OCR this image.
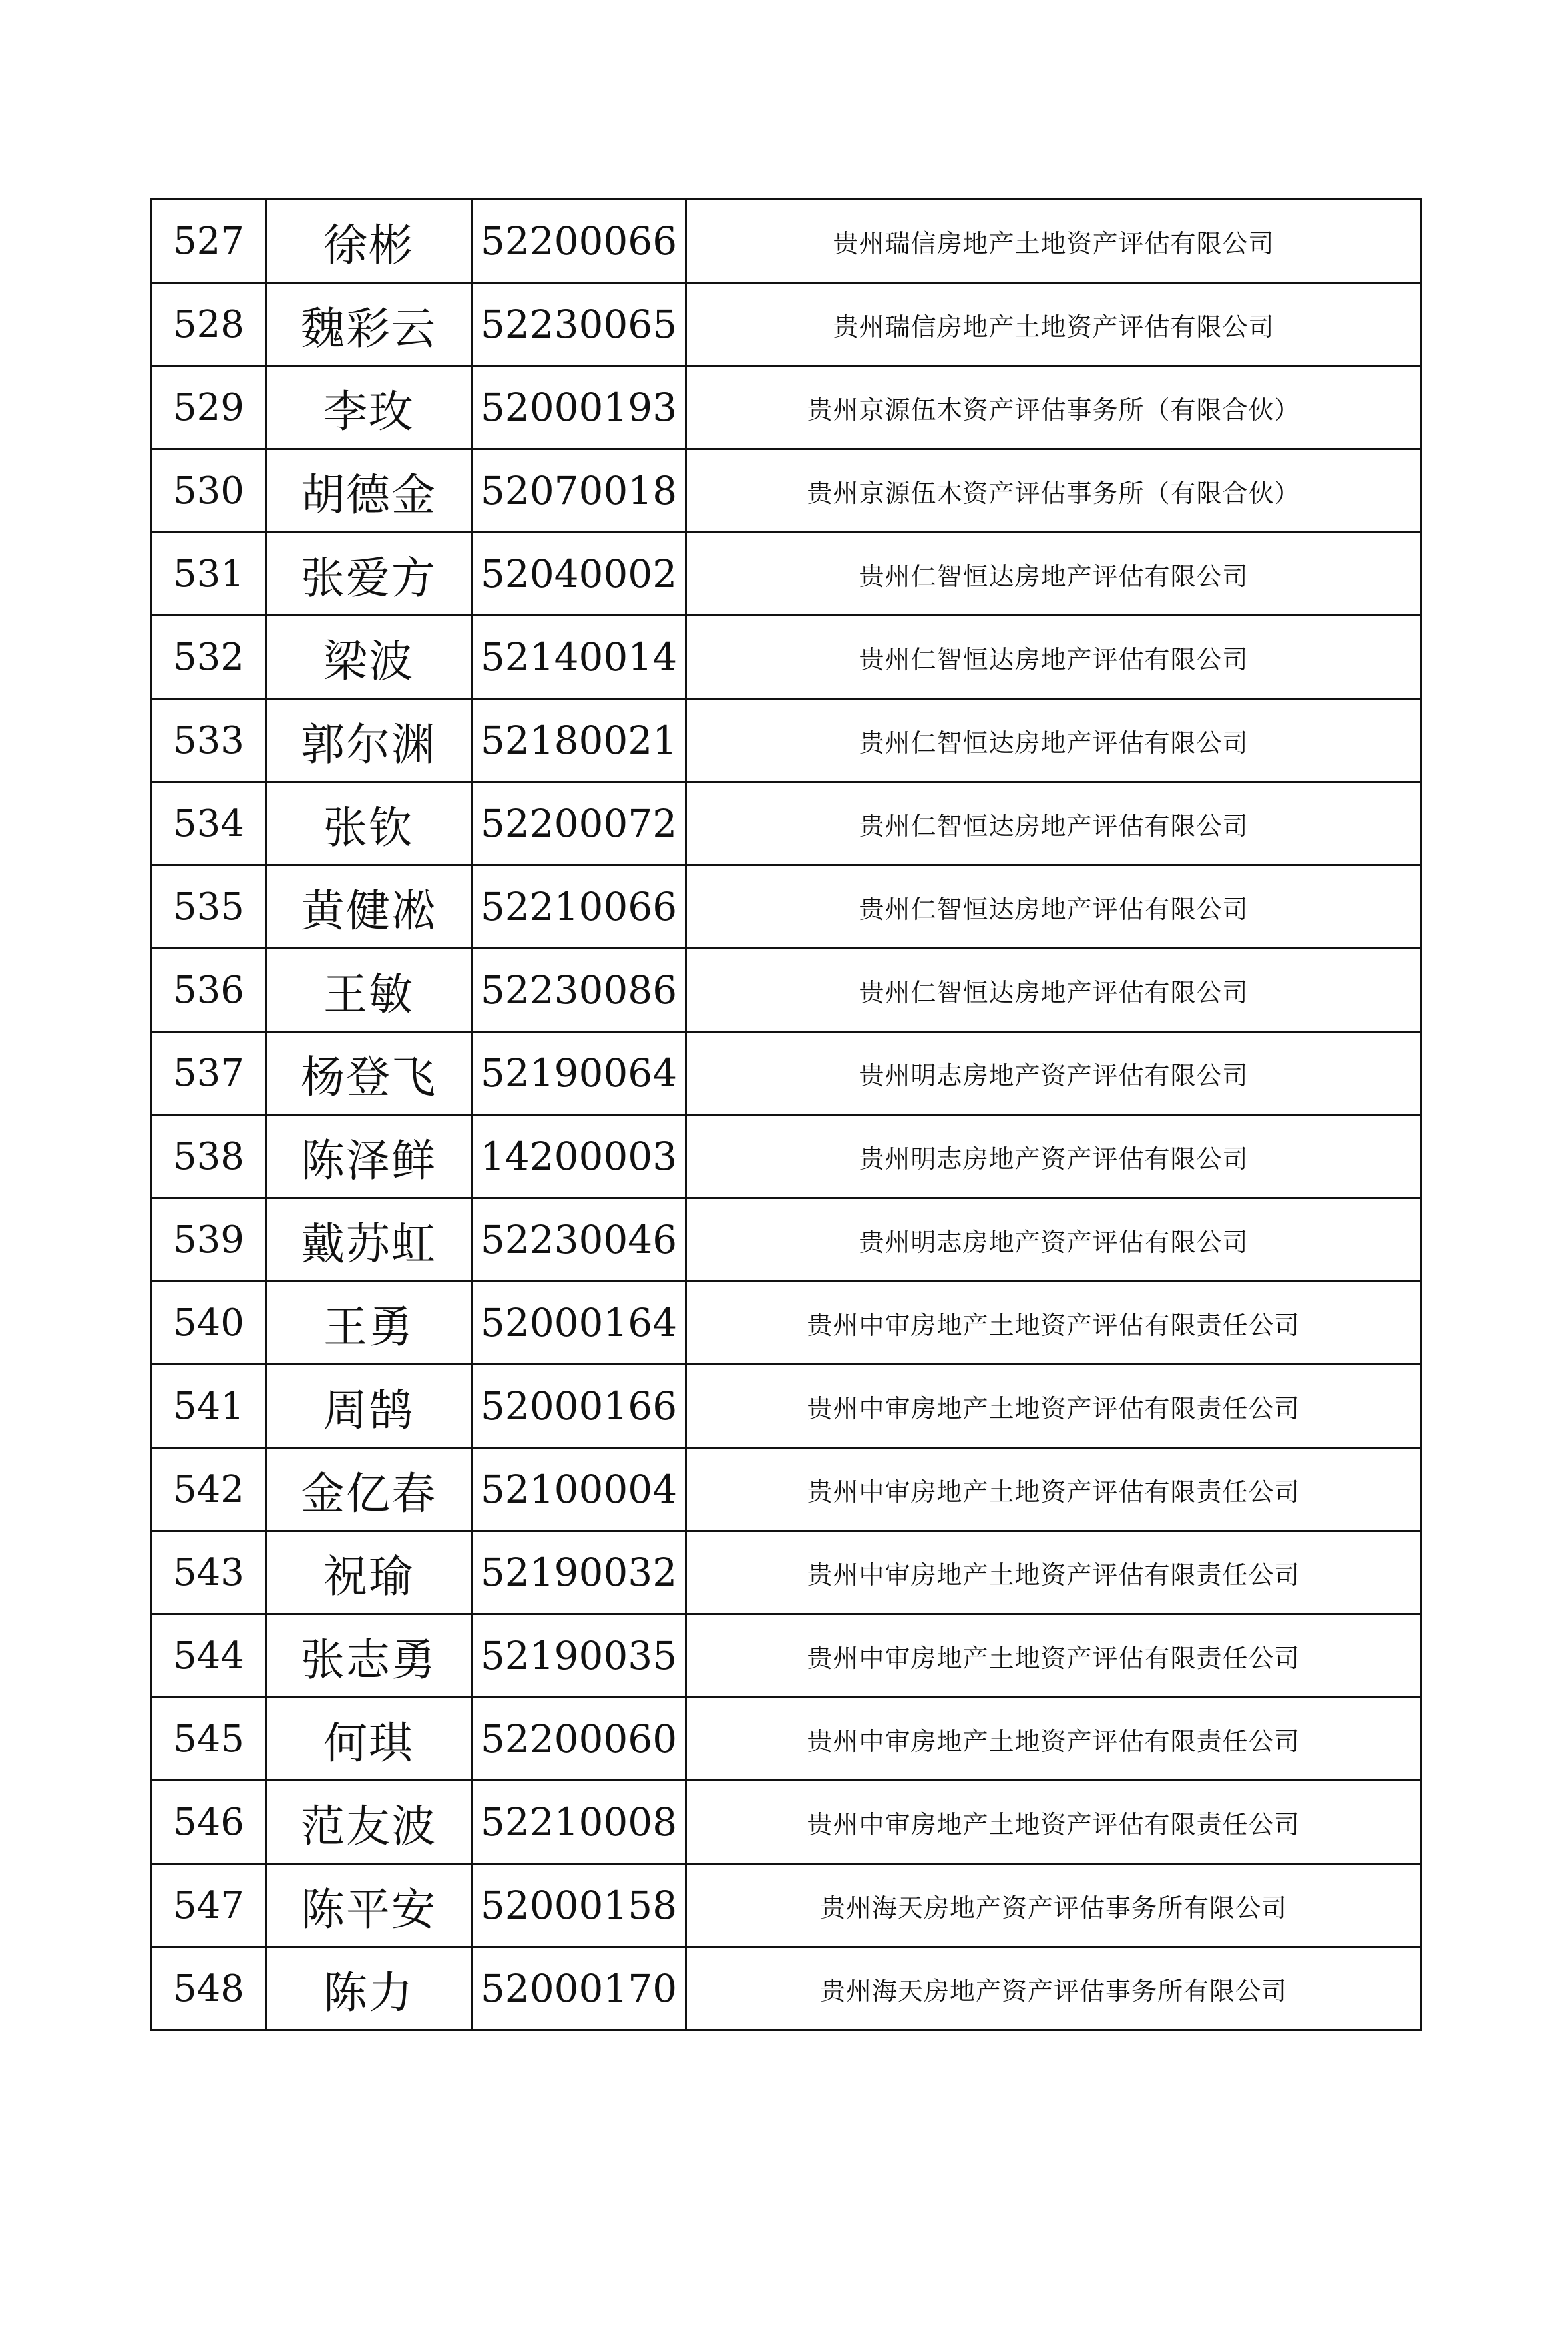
527	徐彬	52200066	贵州瑞信房地产土地资产评估有限公司
528	魏彩云	52230065	贵州瑞信房地产土地资产评估有限公司
529	李玫	52000193	贵州京源伍木资产评估事务所（有限合伙）
530	胡德金	52070018	贵州京源伍木资产评估事务所（有限合伙）
531	张爱方	52040002	贵州仁智恒达房地产评估有限公司
532	梁波	52140014	贵州仁智恒达房地产评估有限公司
533	郭尔渊	52180021	贵州仁智恒达房地产评估有限公司
534	张钦	52200072	贵州仁智恒达房地产评估有限公司
535	黄健凇	52210066	贵州仁智恒达房地产评估有限公司
536	王敏	52230086	贵州仁智恒达房地产评估有限公司
537	杨登飞	52190064	贵州明志房地产资产评估有限公司
538	陈泽鲜	14200003	贵州明志房地产资产评估有限公司
539	戴苏虹	52230046	贵州明志房地产资产评估有限公司
540	王勇	52000164	贵州中审房地产土地资产评估有限责任公司
541	周鹄	52000166	贵州中审房地产土地资产评估有限责任公司
542	金亿春	52100004	贵州中审房地产土地资产评估有限责任公司
543	祝瑜	52190032	贵州中审房地产土地资产评估有限责任公司
544	张志勇	52190035	贵州中审房地产土地资产评估有限责任公司
545	何琪	52200060	贵州中审房地产土地资产评估有限责任公司
546	范友波	52210008	贵州中审房地产土地资产评估有限责任公司
547	陈平安	52000158	贵州海天房地产资产评估事务所有限公司
548	陈力	52000170	贵州海天房地产资产评估事务所有限公司
